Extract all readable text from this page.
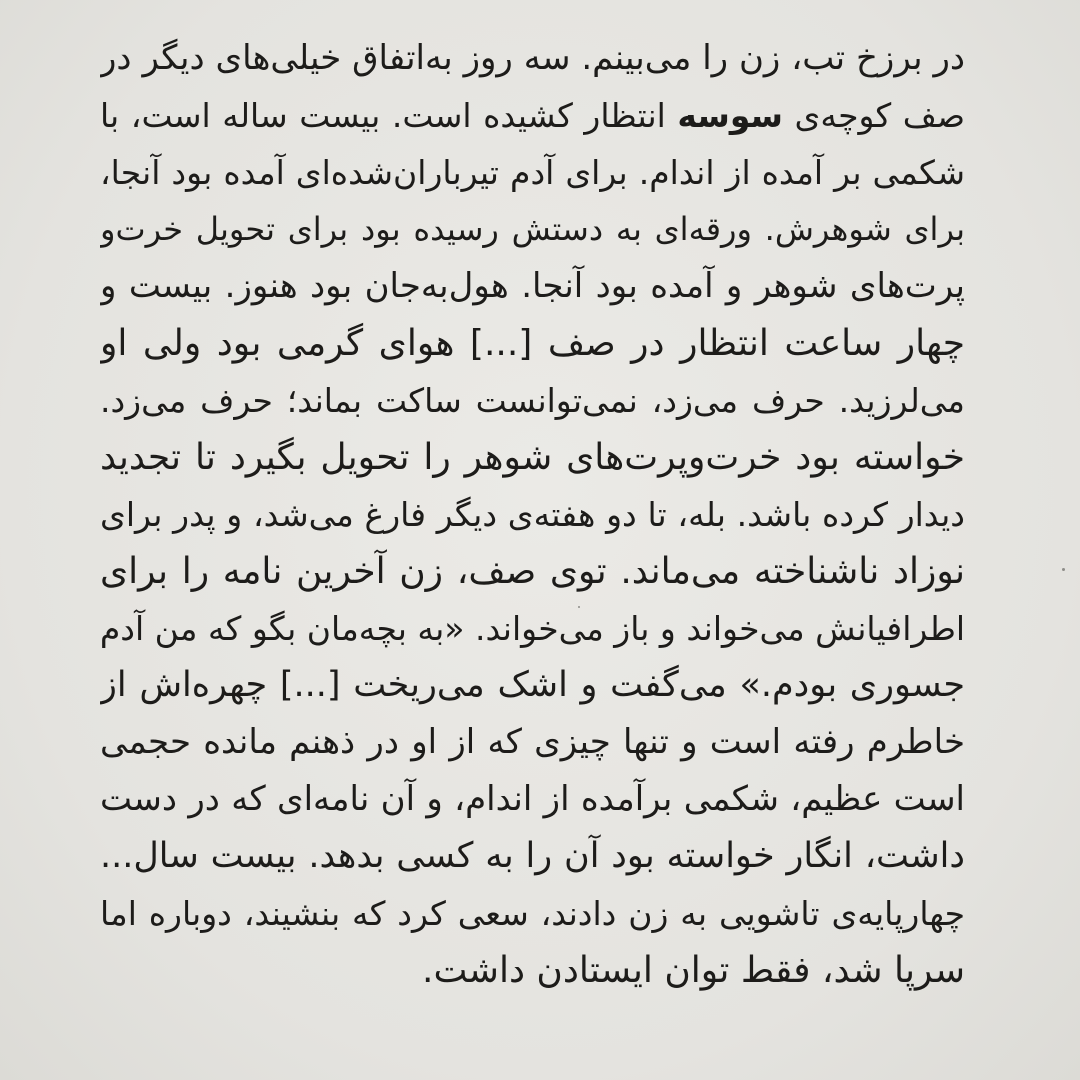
در برزخ تب، زن را می‌بینم. سه روز به‌اتفاق خیلی‌های دیگر در
صف کوچه‌ی سوسه انتظار کشیده است. بیست ساله است، با
شکمی بر آمده از اندام. برای آدم تیرباران‌شده‌ای آمده بود آنجا،
برای شوهرش. ورقه‌ای به دستش رسیده بود برای تحویل خرت‌و
پرت‌های شوهر و آمده بود آنجا. هول‌به‌جان بود هنوز. بیست و
چهار ساعت انتظار در صف [...] هوای گرمی بود ولی او
می‌لرزید. حرف می‌زد، نمی‌توانست ساکت بماند؛ حرف می‌زد.
خواسته بود خرت‌وپرت‌های شوهر را تحویل بگیرد تا تجدید
دیدار کرده باشد. بله، تا دو هفته‌ی دیگر فارغ می‌شد، و پدر برای
نوزاد ناشناخته می‌ماند. توی صف، زن آخرین نامه را برای
اطرافیانش می‌خواند و باز می‌خواند. «به بچه‌مان بگو که من آدم
جسوری بودم.» می‌گفت و اشک می‌ریخت [...] چهره‌اش از
خاطرم رفته است و تنها چیزی که از او در ذهنم مانده حجمی
است عظیم، شکمی برآمده از اندام، و آن نامه‌ای که در دست
داشت، انگار خواسته بود آن را به کسی بدهد. بیست سال...
چهارپایه‌ی تاشویی به زن دادند، سعی کرد که بنشیند، دوباره اما
سرپا شد، فقط توان ایستادن داشت.
